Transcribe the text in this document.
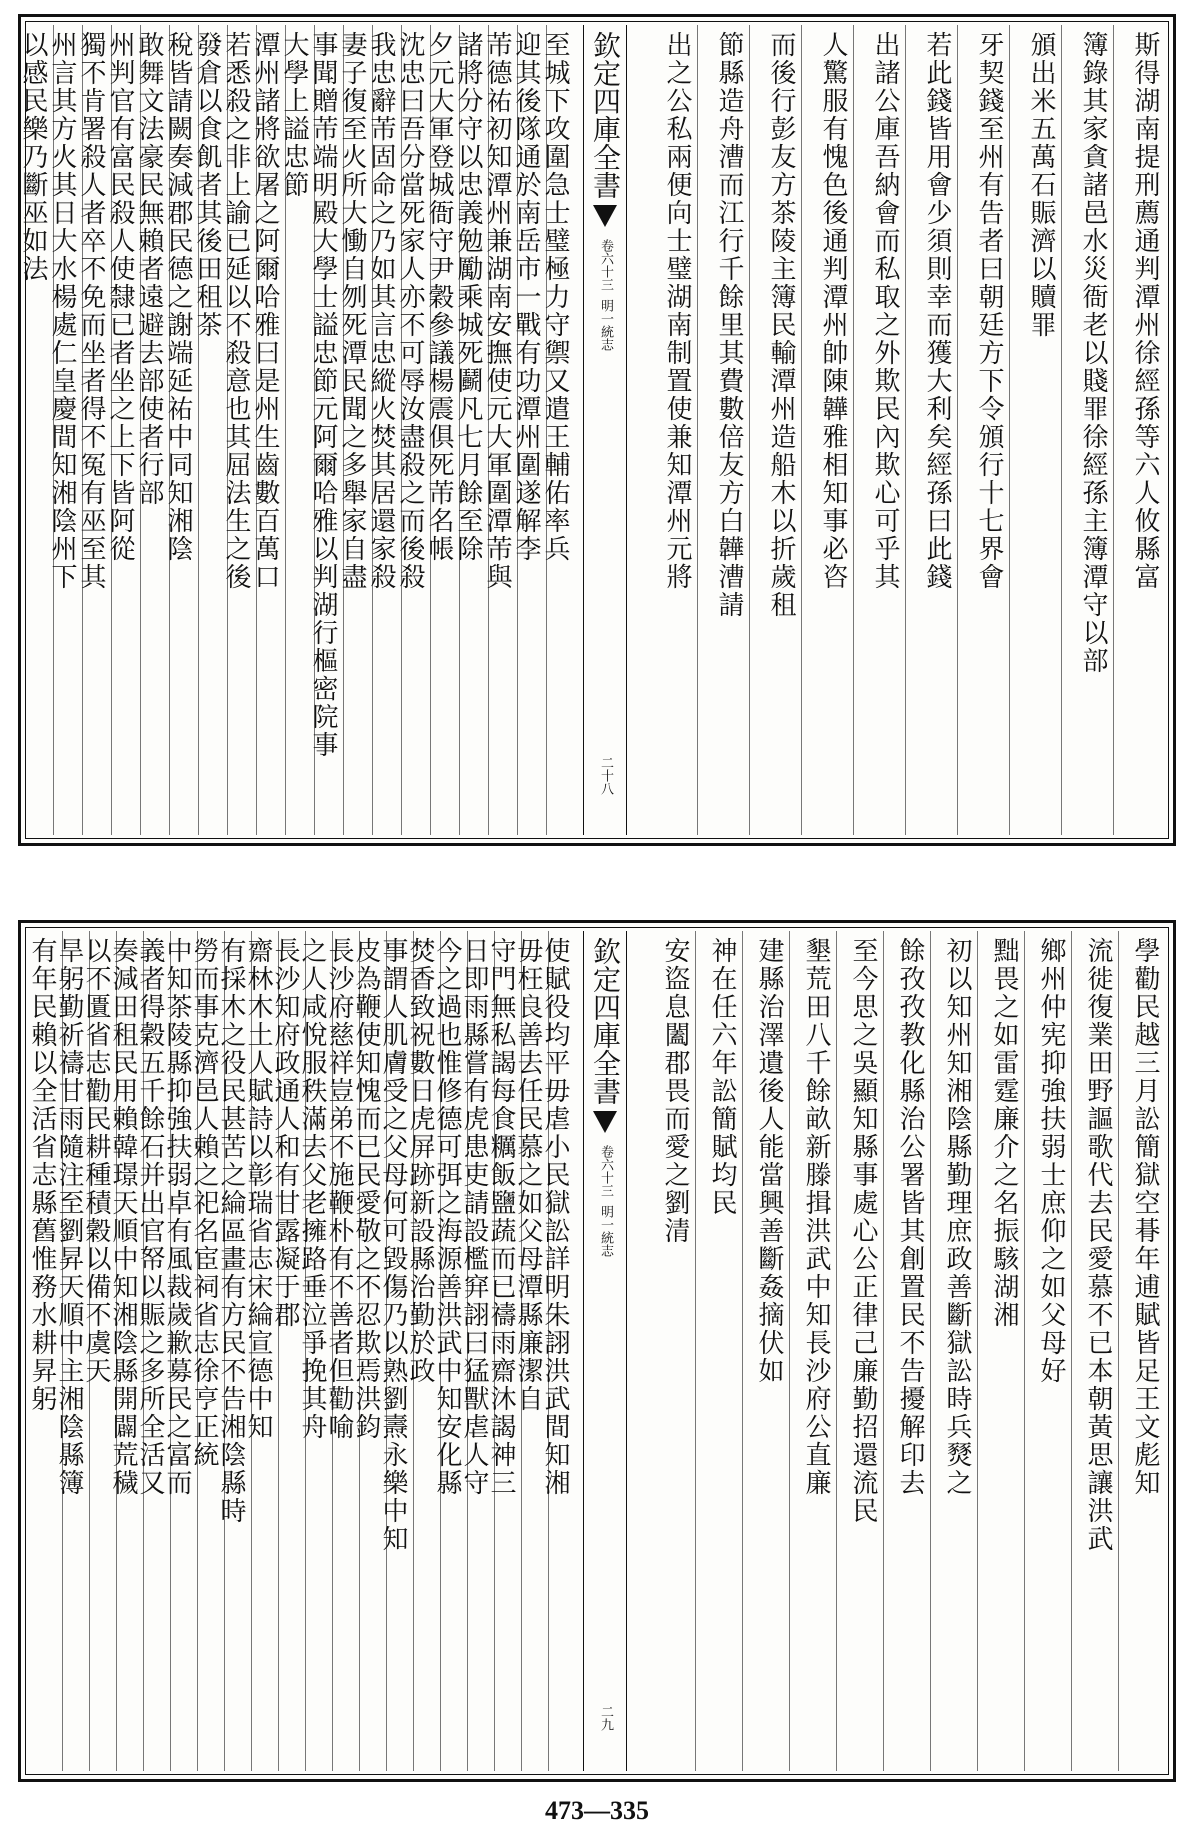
斯得湖南提刑薦通判潭州徐經孫等六人攸縣富
簿錄其家貪諸邑水災衙老以賤罪徐經孫主簿潭守以部
頒出米五萬石賑濟以贖罪
牙契錢至州有告者曰朝廷方下令頒行十七界會
若此錢皆用會少須則幸而獲大利矣經孫曰此錢
出諸公庫吾納會而私取之外欺民內欺心可乎其
人驚服有愧色後通判潭州帥陳韡雅相知事必咨
而後行彭友方茶陵主簿民輸潭州造船木以折歲租
節縣造舟漕而江行千餘里其費數倍友方白韡漕請
出之公私兩便向士璧湖南制置使兼知潭州元將
欽定四庫全書
卷六十三
明一統志
二十八
至城下攻圍急士璧極力守禦又遣王輔佑率兵
迎其後隊通於南岳市一戰有功潭州圍遂解李
芾德祐初知潭州兼湖南安撫使元大軍圍潭芾與
諸將分守以忠義勉勵乘城死鬬凡七月餘至除
夕元大軍登城衙守尹穀參議楊震俱死芾名帳
沈忠曰吾分當死家人亦不可辱汝盡殺之而後殺
我忠辭芾固命之乃如其言忠縱火焚其居還家殺
妻子復至火所大慟自刎死潭民聞之多舉家自盡
事聞贈芾端明殿大學士謚忠節元阿爾哈雅以判湖行樞密院事
大學上謚忠節
潭州諸將欲屠之阿爾哈雅曰是州生齒數百萬口
若悉殺之非上諭已延以不殺意也其屈法生之後
發倉以食飢者其後田租茶
稅皆請闕奏減郡民德之謝端延祐中同知湘陰
敢舞文法豪民無賴者遠避去部使者行部
州判官有富民殺人使隸已者坐之上下皆阿從
獨不肯署殺人者卒不免而坐者得不冤有巫至其
州言其方火其日大水楊處仁皇慶間知湘陰州下
以感民樂乃斷巫如法
學勸民越三月訟簡獄空朞年逋賦皆足王文彪知
流徙復業田野謳歌代去民愛慕不已本朝黃思讓洪武
鄉州仲宪抑強扶弱士庶仰之如父母好
黜畏之如雷霆廉介之名振駭湖湘
初以知州知湘陰縣勤理庶政善斷獄訟時兵燹之
餘孜孜教化縣治公署皆其創置民不告擾解印去
至今思之吳顯知縣事處心公正律己廉勤招還流民
墾荒田八千餘畝新滕揖洪武中知長沙府公直廉
建縣治澤遺後人能當興善斷姦摘伏如
神在任六年訟簡賦均民
安盜息闔郡畏而愛之劉清
欽定四庫全書
卷六十三
明一統志
二九
使賦役均平毋虐小民獄訟詳明朱詡洪武間知湘
毋枉良善去任民慕之如父母潭縣廉潔自
守門無私謁每食糲飯鹽蔬而已禱雨齋沐謁神三
日即雨縣嘗有虎患吏請設檻穽詡曰猛獸虐人守
今之過也惟修德可弭之海源善洪武中知安化縣
焚香致祝數日虎屏跡新設縣治勤於政
事謂人肌膚受之父母何可毀傷乃以熟劉燾永樂中知
皮為鞭使知愧而已民愛敬之不忍欺焉洪鈞
長沙府慈祥豈弟不施鞭朴有不善者但勸喻
之人咸悅服秩滿去父老擁路垂泣爭挽其舟
長沙知府政通人和有甘露凝于郡
齋林木土人賦詩以彰瑞省志宋綸宣德中知
有採木之役民甚苦之綸區畫有方民不告湘陰縣時
勞而事克濟邑人賴之祀名宦祠省志徐亨正統
中知茶陵縣抑強扶弱卓有風裁歲歉募民之富而
義者得穀五千餘石并出官帑以賑之多所全活又
奏減田租民用賴韓璟天順中知湘陰縣開闢荒穢
以不匱省志勸民耕種積穀以備不虞天
旱躬勤祈禱甘雨隨注至劉昇天順中主湘陰縣簿
有年民賴以全活省志縣舊惟務水耕昇躬
473—335
